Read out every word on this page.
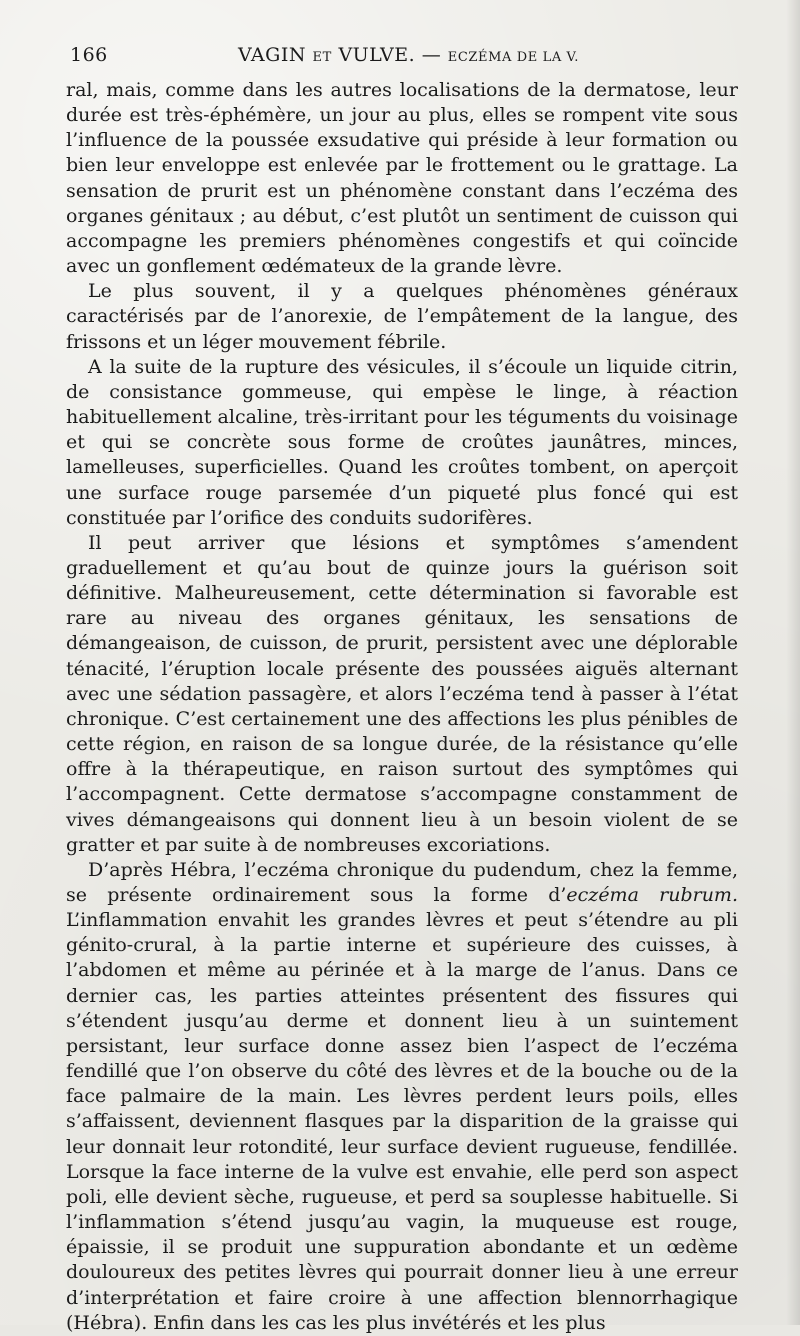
166	VAGIN ET VULVE. — ECZÉMA DE LA V.

ral, mais, comme dans les autres localisations de la dermatose, leur durée est très-éphémère, un jour au plus, elles se rompent vite sous l’influence de la poussée exsudative qui préside à leur formation ou bien leur enveloppe est enlevée par le frottement ou le grattage. La sensation de prurit est un phénomène constant dans l’eczéma des organes génitaux ; au début, c’est plutôt un sentiment de cuisson qui accompagne les premiers phénomènes congestifs et qui coïncide avec un gonflement œdémateux de la grande lèvre.

Le plus souvent, il y a quelques phénomènes généraux caractérisés par de l’anorexie, de l’empâtement de la langue, des frissons et un léger mouvement fébrile.

A la suite de la rupture des vésicules, il s’écoule un liquide citrin, de consistance gommeuse, qui empèse le linge, à réaction habituellement alcaline, très-irritant pour les téguments du voisinage et qui se concrète sous forme de croûtes jaunâtres, minces, lamelleuses, superficielles. Quand les croûtes tombent, on aperçoit une surface rouge parsemée d’un piqueté plus foncé qui est constituée par l’orifice des conduits sudorifères.

Il peut arriver que lésions et symptômes s’amendent graduellement et qu’au bout de quinze jours la guérison soit définitive. Malheureusement, cette détermination si favorable est rare au niveau des organes génitaux, les sensations de démangeaison, de cuisson, de prurit, persistent avec une déplorable ténacité, l’éruption locale présente des poussées aiguës alternant avec une sédation passagère, et alors l’eczéma tend à passer à l’état chronique. C’est certainement une des affections les plus pénibles de cette région, en raison de sa longue durée, de la résistance qu’elle offre à la thérapeutique, en raison surtout des symptômes qui l’accompagnent. Cette dermatose s’accompagne constamment de vives démangeaisons qui donnent lieu à un besoin violent de se gratter et par suite à de nombreuses excoriations.

D’après Hébra, l’eczéma chronique du pudendum, chez la femme, se présente ordinairement sous la forme d’eczéma rubrum. L’inflammation envahit les grandes lèvres et peut s’étendre au pli génito-crural, à la partie interne et supérieure des cuisses, à l’abdomen et même au périnée et à la marge de l’anus. Dans ce dernier cas, les parties atteintes présentent des fissures qui s’étendent jusqu’au derme et donnent lieu à un suintement persistant, leur surface donne assez bien l’aspect de l’eczéma fendillé que l’on observe du côté des lèvres et de la bouche ou de la face palmaire de la main. Les lèvres perdent leurs poils, elles s’affaissent, deviennent flasques par la disparition de la graisse qui leur donnait leur rotondité, leur surface devient rugueuse, fendillée. Lorsque la face interne de la vulve est envahie, elle perd son aspect poli, elle devient sèche, rugueuse, et perd sa souplesse habituelle. Si l’inflammation s’étend jusqu’au vagin, la muqueuse est rouge, épaissie, il se produit une suppuration abondante et un œdème douloureux des petites lèvres qui pourrait donner lieu à une erreur d’interprétation et faire croire à une affection blennorrhagique (Hébra). Enfin dans les cas les plus invétérés et les plus
